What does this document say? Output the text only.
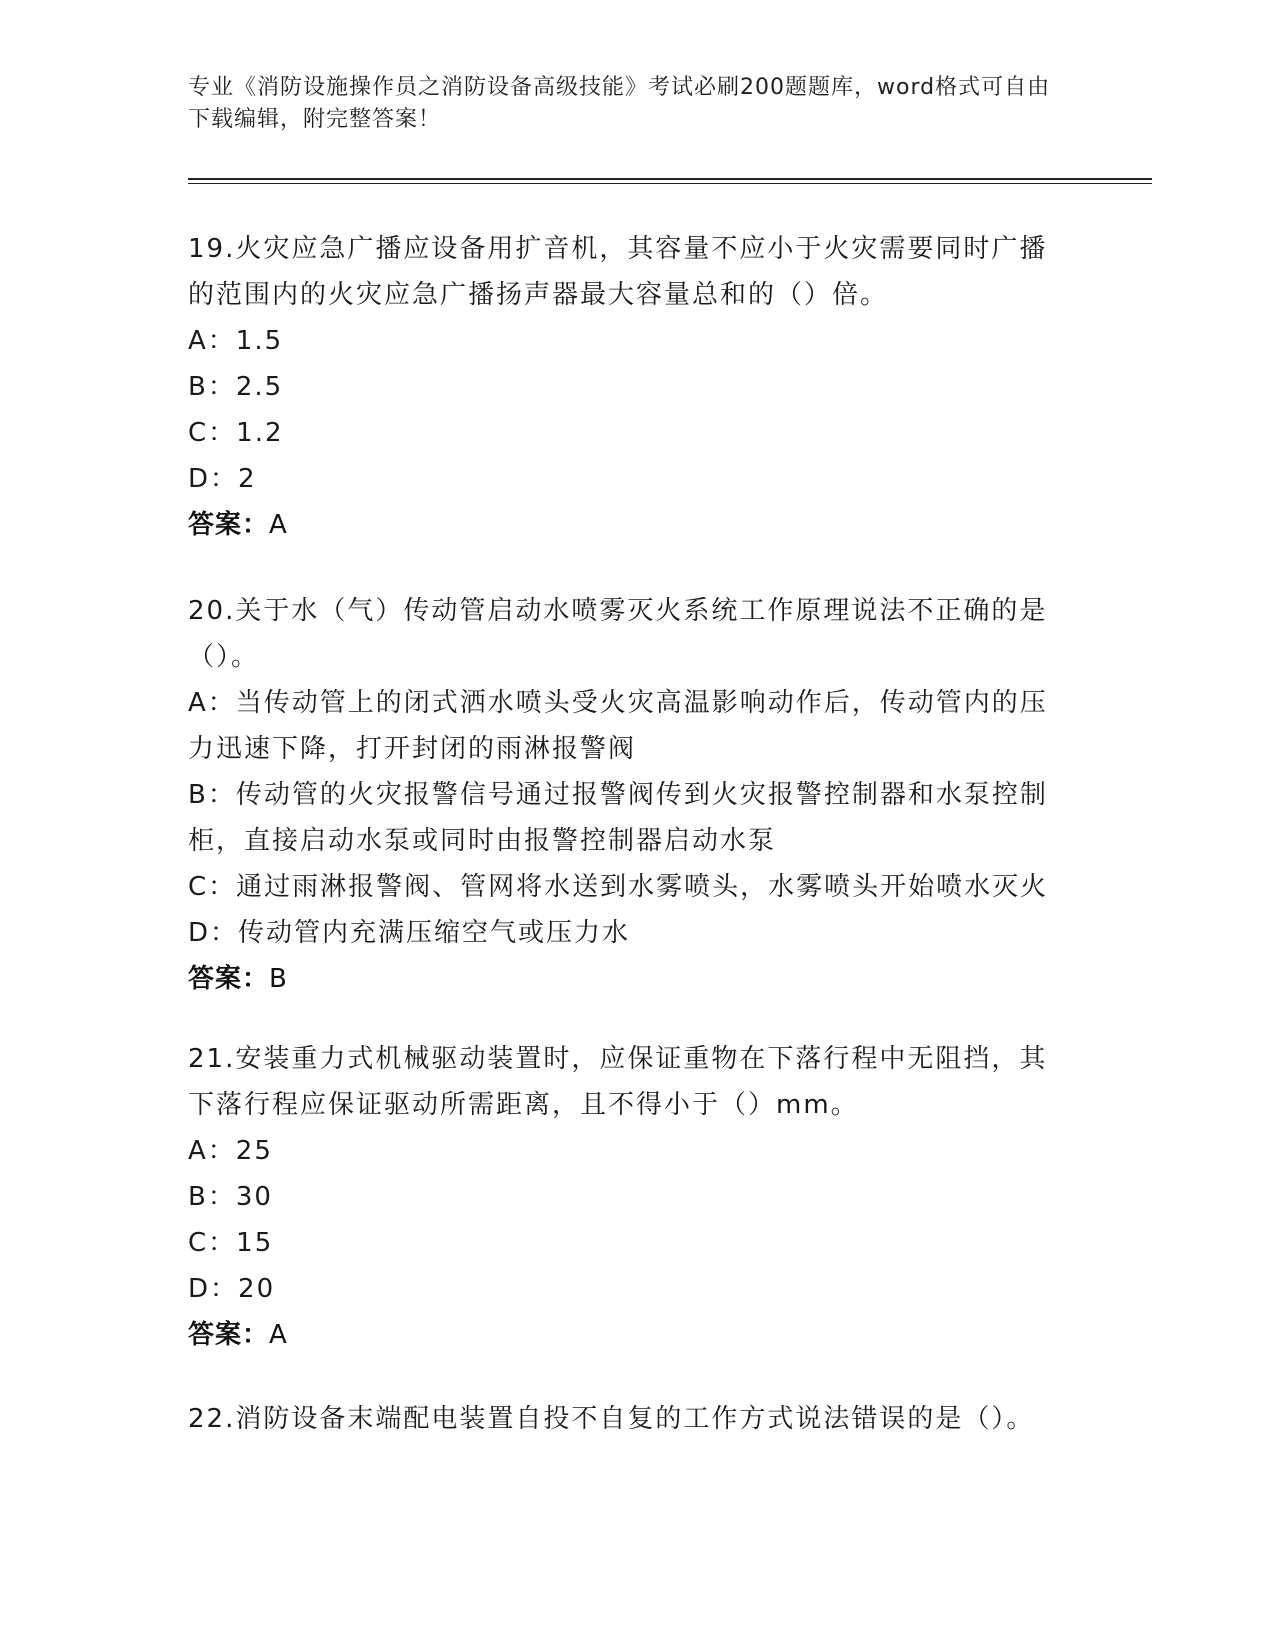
专业《消防设施操作员之消防设备高级技能》考试必刷200题题库，word格式可自由下载编辑，附完整答案！

19.火灾应急广播应设备用扩音机，其容量不应小于火灾需要同时广播的范围内的火灾应急广播扬声器最大容量总和的（）倍。

A：1.5

B：2.5

C：1.2

D：2

答案：A

20.关于水（气）传动管启动水喷雾灭火系统工作原理说法不正确的是（）。

A：当传动管上的闭式洒水喷头受火灾高温影响动作后，传动管内的压力迅速下降，打开封闭的雨淋报警阀

B：传动管的火灾报警信号通过报警阀传到火灾报警控制器和水泵控制柜，直接启动水泵或同时由报警控制器启动水泵

C：通过雨淋报警阀、管网将水送到水雾喷头，水雾喷头开始喷水灭火

D：传动管内充满压缩空气或压力水

答案：B

21.安装重力式机械驱动装置时，应保证重物在下落行程中无阻挡，其下落行程应保证驱动所需距离，且不得小于（）mm。

A：25

B：30

C：15

D：20

答案：A

22.消防设备末端配电装置自投不自复的工作方式说法错误的是（）。
